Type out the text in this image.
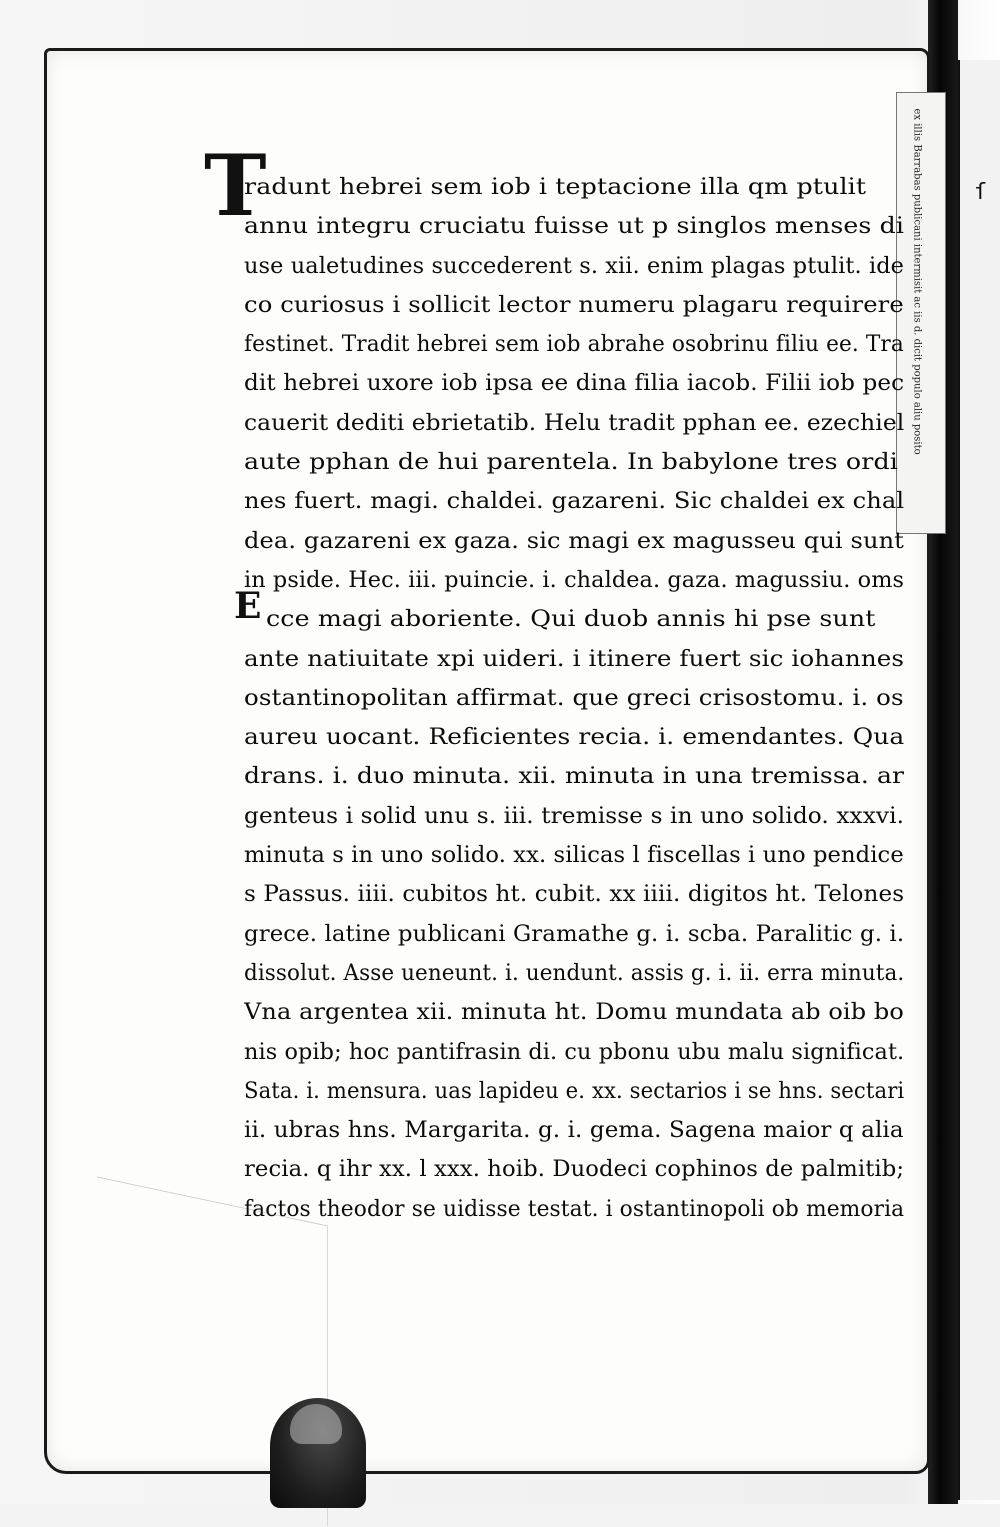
ſ
ex illis Barrabas publicani intermisit ac iis d. dicit populo aliu posito
T
E
radunt hebrei sem iob i teptacione illa qm ptulit
annu integru cruciatu fuisse ut p singlos menses di
use ualetudines succederent s. xii. enim plagas ptulit. ide
co curiosus i sollicit lector numeru plagaru requirere
festinet. Tradit hebrei sem iob abrahe osobrinu filiu ee. Tra
dit hebrei uxore iob ipsa ee dina filia iacob. Filii iob pec
cauerit dediti ebrietatib. Helu tradit pphan ee. ezechiel
aute pphan de hui parentela. In babylone tres ordi
nes fuert. magi. chaldei. gazareni. Sic chaldei ex chal
dea. gazareni ex gaza. sic magi ex magusseu qui sunt
in pside. Hec. iii. puincie. i. chaldea. gaza. magussiu. oms
cce magi aboriente. Qui duob annis hi pse sunt
ante natiuitate xpi uideri. i itinere fuert sic iohannes
ostantinopolitan affirmat. que greci crisostomu. i. os
aureu uocant. Reficientes recia. i. emendantes. Qua
drans. i. duo minuta. xii. minuta in una tremissa. ar
genteus i solid unu s. iii. tremisse s in uno solido. xxxvi.
minuta s in uno solido. xx. silicas l fiscellas i uno pendice
s Passus. iiii. cubitos ht. cubit. xx iiii. digitos ht. Telones
grece. latine publicani Gramathe g. i. scba. Paralitic g. i.
dissolut. Asse ueneunt. i. uendunt. assis g. i. ii. erra minuta.
Vna argentea xii. minuta ht. Domu mundata ab oib bo
nis opib; hoc pantifrasin di. cu pbonu ubu malu significat.
Sata. i. mensura. uas lapideu e. xx. sectarios i se hns. sectari
ii. ubras hns. Margarita. g. i. gema. Sagena maior q alia
recia. q ihr xx. l xxx. hoib. Duodeci cophinos de palmitib;
factos theodor se uidisse testat. i ostantinopoli ob memoria
